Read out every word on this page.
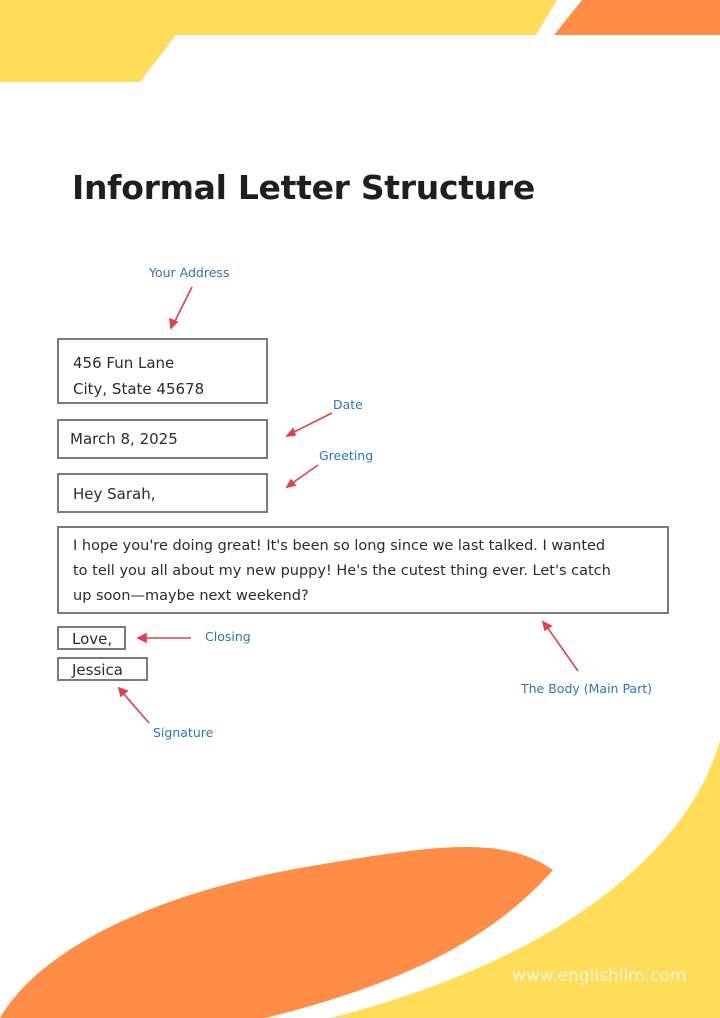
Informal Letter Structure
Your Address
456 Fun Lane
City, State 45678
Date
March 8, 2025
Greeting
Hey Sarah,
I hope you're doing great! It's been so long since we last talked. I wanted
to tell you all about my new puppy! He's the cutest thing ever. Let's catch
up soon—maybe next weekend?
The Body (Main Part)
Love,	Closing
Jessica
Signature
www.englishilm.com
